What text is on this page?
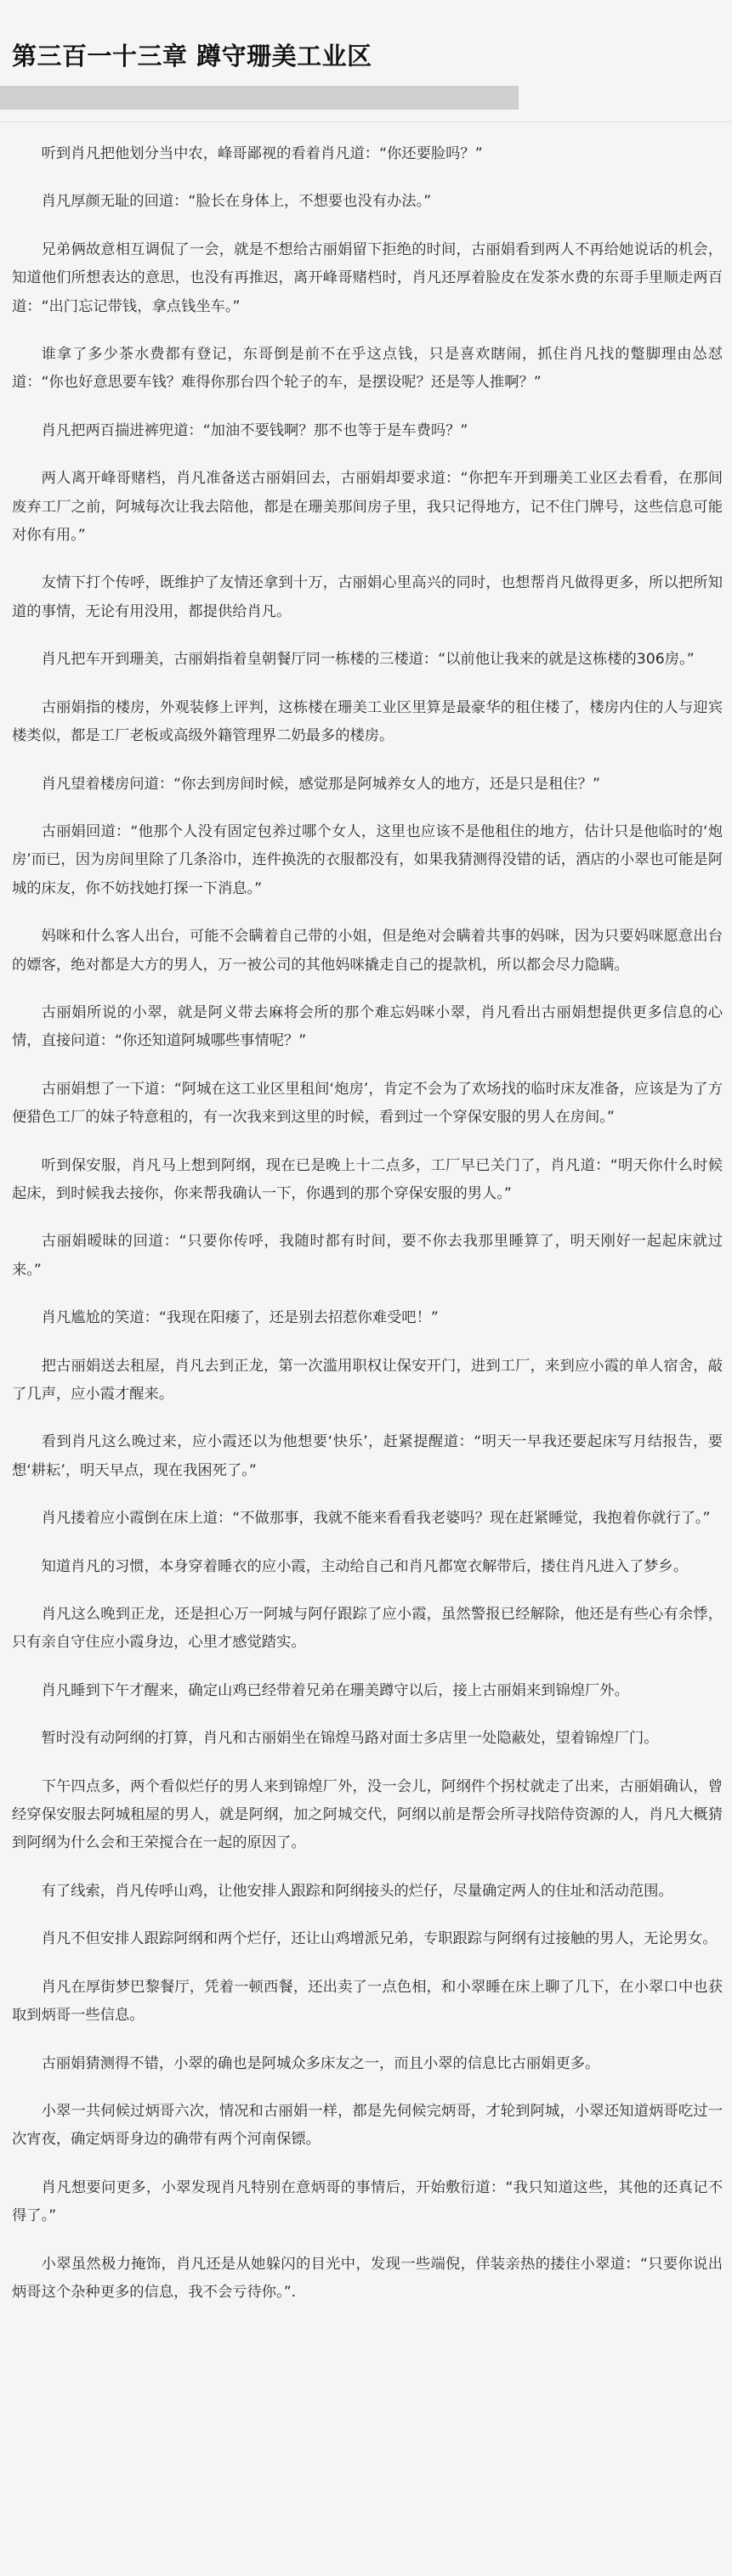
第三百一十三章 蹲守珊美工业区

听到肖凡把他划分当中农，峰哥鄙视的看着肖凡道：“你还要脸吗？”

肖凡厚颜无耻的回道：“脸长在身体上，不想要也没有办法。”

兄弟俩故意相互调侃了一会，就是不想给古丽娟留下拒绝的时间，古丽娟看到两人不再给她说话的机会，知道他们所想表达的意思，也没有再推迟，离开峰哥赌档时，肖凡还厚着脸皮在发茶水费的东哥手里顺走两百道：“出门忘记带钱，拿点钱坐车。”

谁拿了多少茶水费都有登记，东哥倒是前不在乎这点钱，只是喜欢瞎闹，抓住肖凡找的蹩脚理由怂怼道：“你也好意思要车钱？难得你那台四个轮子的车，是摆设呢？还是等人推啊？”

肖凡把两百揣进裤兜道：“加油不要钱啊？那不也等于是车费吗？”

两人离开峰哥赌档，肖凡准备送古丽娟回去，古丽娟却要求道：“你把车开到珊美工业区去看看，在那间废弃工厂之前，阿城每次让我去陪他，都是在珊美那间房子里，我只记得地方，记不住门牌号，这些信息可能对你有用。”

友情下打个传呼，既维护了友情还拿到十万，古丽娟心里高兴的同时，也想帮肖凡做得更多，所以把所知道的事情，无论有用没用，都提供给肖凡。

肖凡把车开到珊美，古丽娟指着皇朝餐厅同一栋楼的三楼道：“以前他让我来的就是这栋楼的306房。”

古丽娟指的楼房，外观装修上评判，这栋楼在珊美工业区里算是最豪华的租住楼了，楼房内住的人与迎宾楼类似，都是工厂老板或高级外籍管理界二奶最多的楼房。

肖凡望着楼房问道：“你去到房间时候，感觉那是阿城养女人的地方，还是只是租住？”

古丽娟回道：“他那个人没有固定包养过哪个女人，这里也应该不是他租住的地方，估计只是他临时的‘炮房’而已，因为房间里除了几条浴巾，连件换洗的衣服都没有，如果我猜测得没错的话，酒店的小翠也可能是阿城的床友，你不妨找她打探一下消息。”

妈咪和什么客人出台，可能不会瞒着自己带的小姐，但是绝对会瞒着共事的妈咪，因为只要妈咪愿意出台的嫖客，绝对都是大方的男人，万一被公司的其他妈咪撬走自己的提款机，所以都会尽力隐瞒。

古丽娟所说的小翠，就是阿义带去麻将会所的那个难忘妈咪小翠，肖凡看出古丽娟想提供更多信息的心情，直接问道：“你还知道阿城哪些事情呢？”

古丽娟想了一下道：“阿城在这工业区里租间‘炮房’，肯定不会为了欢场找的临时床友准备，应该是为了方便猎色工厂的妹子特意租的，有一次我来到这里的时候，看到过一个穿保安服的男人在房间。”

听到保安服，肖凡马上想到阿纲，现在已是晚上十二点多，工厂早已关门了，肖凡道：“明天你什么时候起床，到时候我去接你，你来帮我确认一下，你遇到的那个穿保安服的男人。”

古丽娟暧昧的回道：“只要你传呼，我随时都有时间，要不你去我那里睡算了，明天刚好一起起床就过来。”

肖凡尴尬的笑道：“我现在阳痿了，还是别去招惹你难受吧！”

把古丽娟送去租屋，肖凡去到正龙，第一次滥用职权让保安开门，进到工厂，来到应小霞的单人宿舍，敲了几声，应小霞才醒来。

看到肖凡这么晚过来，应小霞还以为他想要‘快乐’，赶紧提醒道：“明天一早我还要起床写月结报告，要想‘耕耘’，明天早点，现在我困死了。”

肖凡搂着应小霞倒在床上道：“不做那事，我就不能来看看我老婆吗？现在赶紧睡觉，我抱着你就行了。”

知道肖凡的习惯，本身穿着睡衣的应小霞，主动给自己和肖凡都宽衣解带后，搂住肖凡进入了梦乡。

肖凡这么晚到正龙，还是担心万一阿城与阿仔跟踪了应小霞，虽然警报已经解除，他还是有些心有余悸，只有亲自守住应小霞身边，心里才感觉踏实。

肖凡睡到下午才醒来，确定山鸡已经带着兄弟在珊美蹲守以后，接上古丽娟来到锦煌厂外。

暂时没有动阿纲的打算，肖凡和古丽娟坐在锦煌马路对面士多店里一处隐蔽处，望着锦煌厂门。

下午四点多，两个看似烂仔的男人来到锦煌厂外，没一会儿，阿纲件个拐杖就走了出来，古丽娟确认，曾经穿保安服去阿城租屋的男人，就是阿纲，加之阿城交代，阿纲以前是帮会所寻找陪侍资源的人，肖凡大概猜到阿纲为什么会和王荣搅合在一起的原因了。

有了线索，肖凡传呼山鸡，让他安排人跟踪和阿纲接头的烂仔，尽量确定两人的住址和活动范围。

肖凡不但安排人跟踪阿纲和两个烂仔，还让山鸡增派兄弟，专职跟踪与阿纲有过接触的男人，无论男女。

肖凡在厚街梦巴黎餐厅，凭着一顿西餐，还出卖了一点色相，和小翠睡在床上聊了几下，在小翠口中也获取到炳哥一些信息。

古丽娟猜测得不错，小翠的确也是阿城众多床友之一，而且小翠的信息比古丽娟更多。

小翠一共伺候过炳哥六次，情况和古丽娟一样，都是先伺候完炳哥，才轮到阿城，小翠还知道炳哥吃过一次宵夜，确定炳哥身边的确带有两个河南保镖。

肖凡想要问更多，小翠发现肖凡特别在意炳哥的事情后，开始敷衍道：“我只知道这些，其他的还真记不得了。”

小翠虽然极力掩饰，肖凡还是从她躲闪的目光中，发现一些端倪，佯装亲热的搂住小翠道：“只要你说出炳哥这个杂种更多的信息，我不会亏待你。”.
